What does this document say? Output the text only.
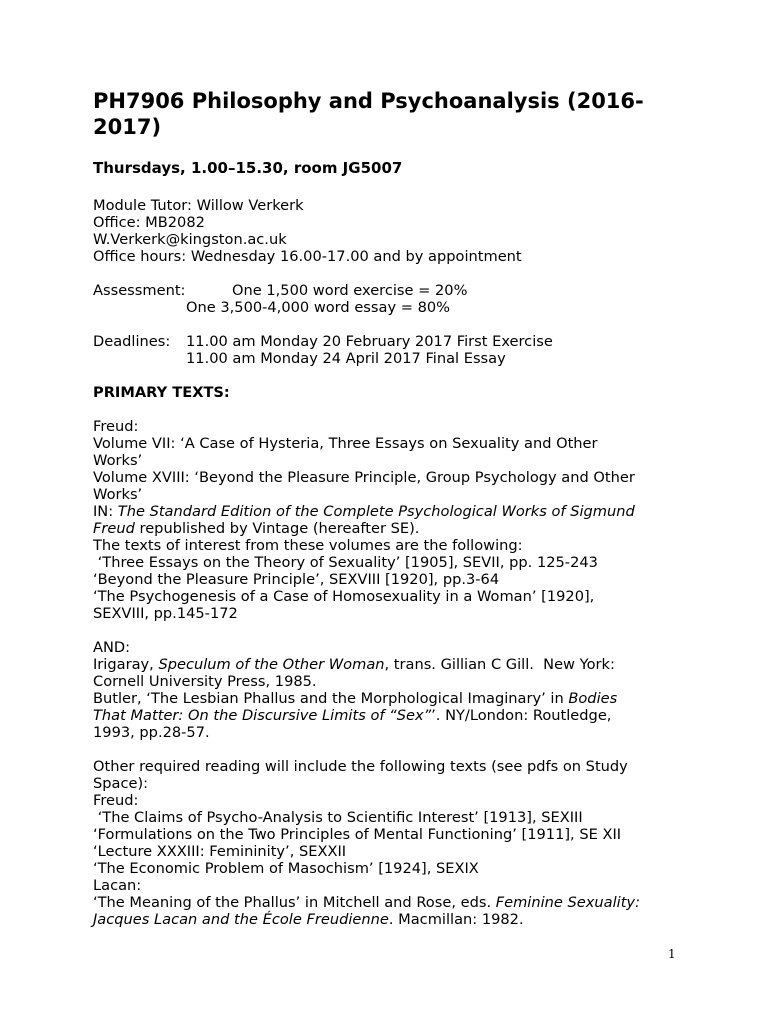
PH7906 Philosophy and Psychoanalysis (2016-
2017)
Thursdays, 1.00–15.30, room JG5007
Module Tutor: Willow Verkerk
Office: MB2082
W.Verkerk@kingston.ac.uk
Office hours: Wednesday 16.00-17.00 and by appointment
Assessment:	One 1,500 word exercise = 20%
One 3,500-4,000 word essay = 80%
Deadlines:	11.00 am Monday 20 February 2017 First Exercise
11.00 am Monday 24 April 2017 Final Essay
PRIMARY TEXTS:
Freud:
Volume VII: ‘A Case of Hysteria, Three Essays on Sexuality and Other
Works’
Volume XVIII: ‘Beyond the Pleasure Principle, Group Psychology and Other
Works’
IN: The Standard Edition of the Complete Psychological Works of Sigmund
Freud republished by Vintage (hereafter SE).
The texts of interest from these volumes are the following:
‘Three Essays on the Theory of Sexuality’ [1905], SEVII, pp. 125-243
‘Beyond the Pleasure Principle’, SEXVIII [1920], pp.3-64
‘The Psychogenesis of a Case of Homosexuality in a Woman’ [1920],
SEXVIII, pp.145-172
AND:
Irigaray, Speculum of the Other Woman, trans. Gillian C Gill.  New York:
Cornell University Press, 1985.
Butler, ‘The Lesbian Phallus and the Morphological Imaginary’ in Bodies
That Matter: On the Discursive Limits of “Sex”’. NY/London: Routledge,
1993, pp.28-57.
Other required reading will include the following texts (see pdfs on Study
Space):
Freud:
‘The Claims of Psycho-Analysis to Scientific Interest’ [1913], SEXIII
‘Formulations on the Two Principles of Mental Functioning’ [1911], SE XII
‘Lecture XXXIII: Femininity’, SEXXII
‘The Economic Problem of Masochism’ [1924], SEXIX
Lacan:
‘The Meaning of the Phallus’ in Mitchell and Rose, eds. Feminine Sexuality:
Jacques Lacan and the École Freudienne. Macmillan: 1982.
1
